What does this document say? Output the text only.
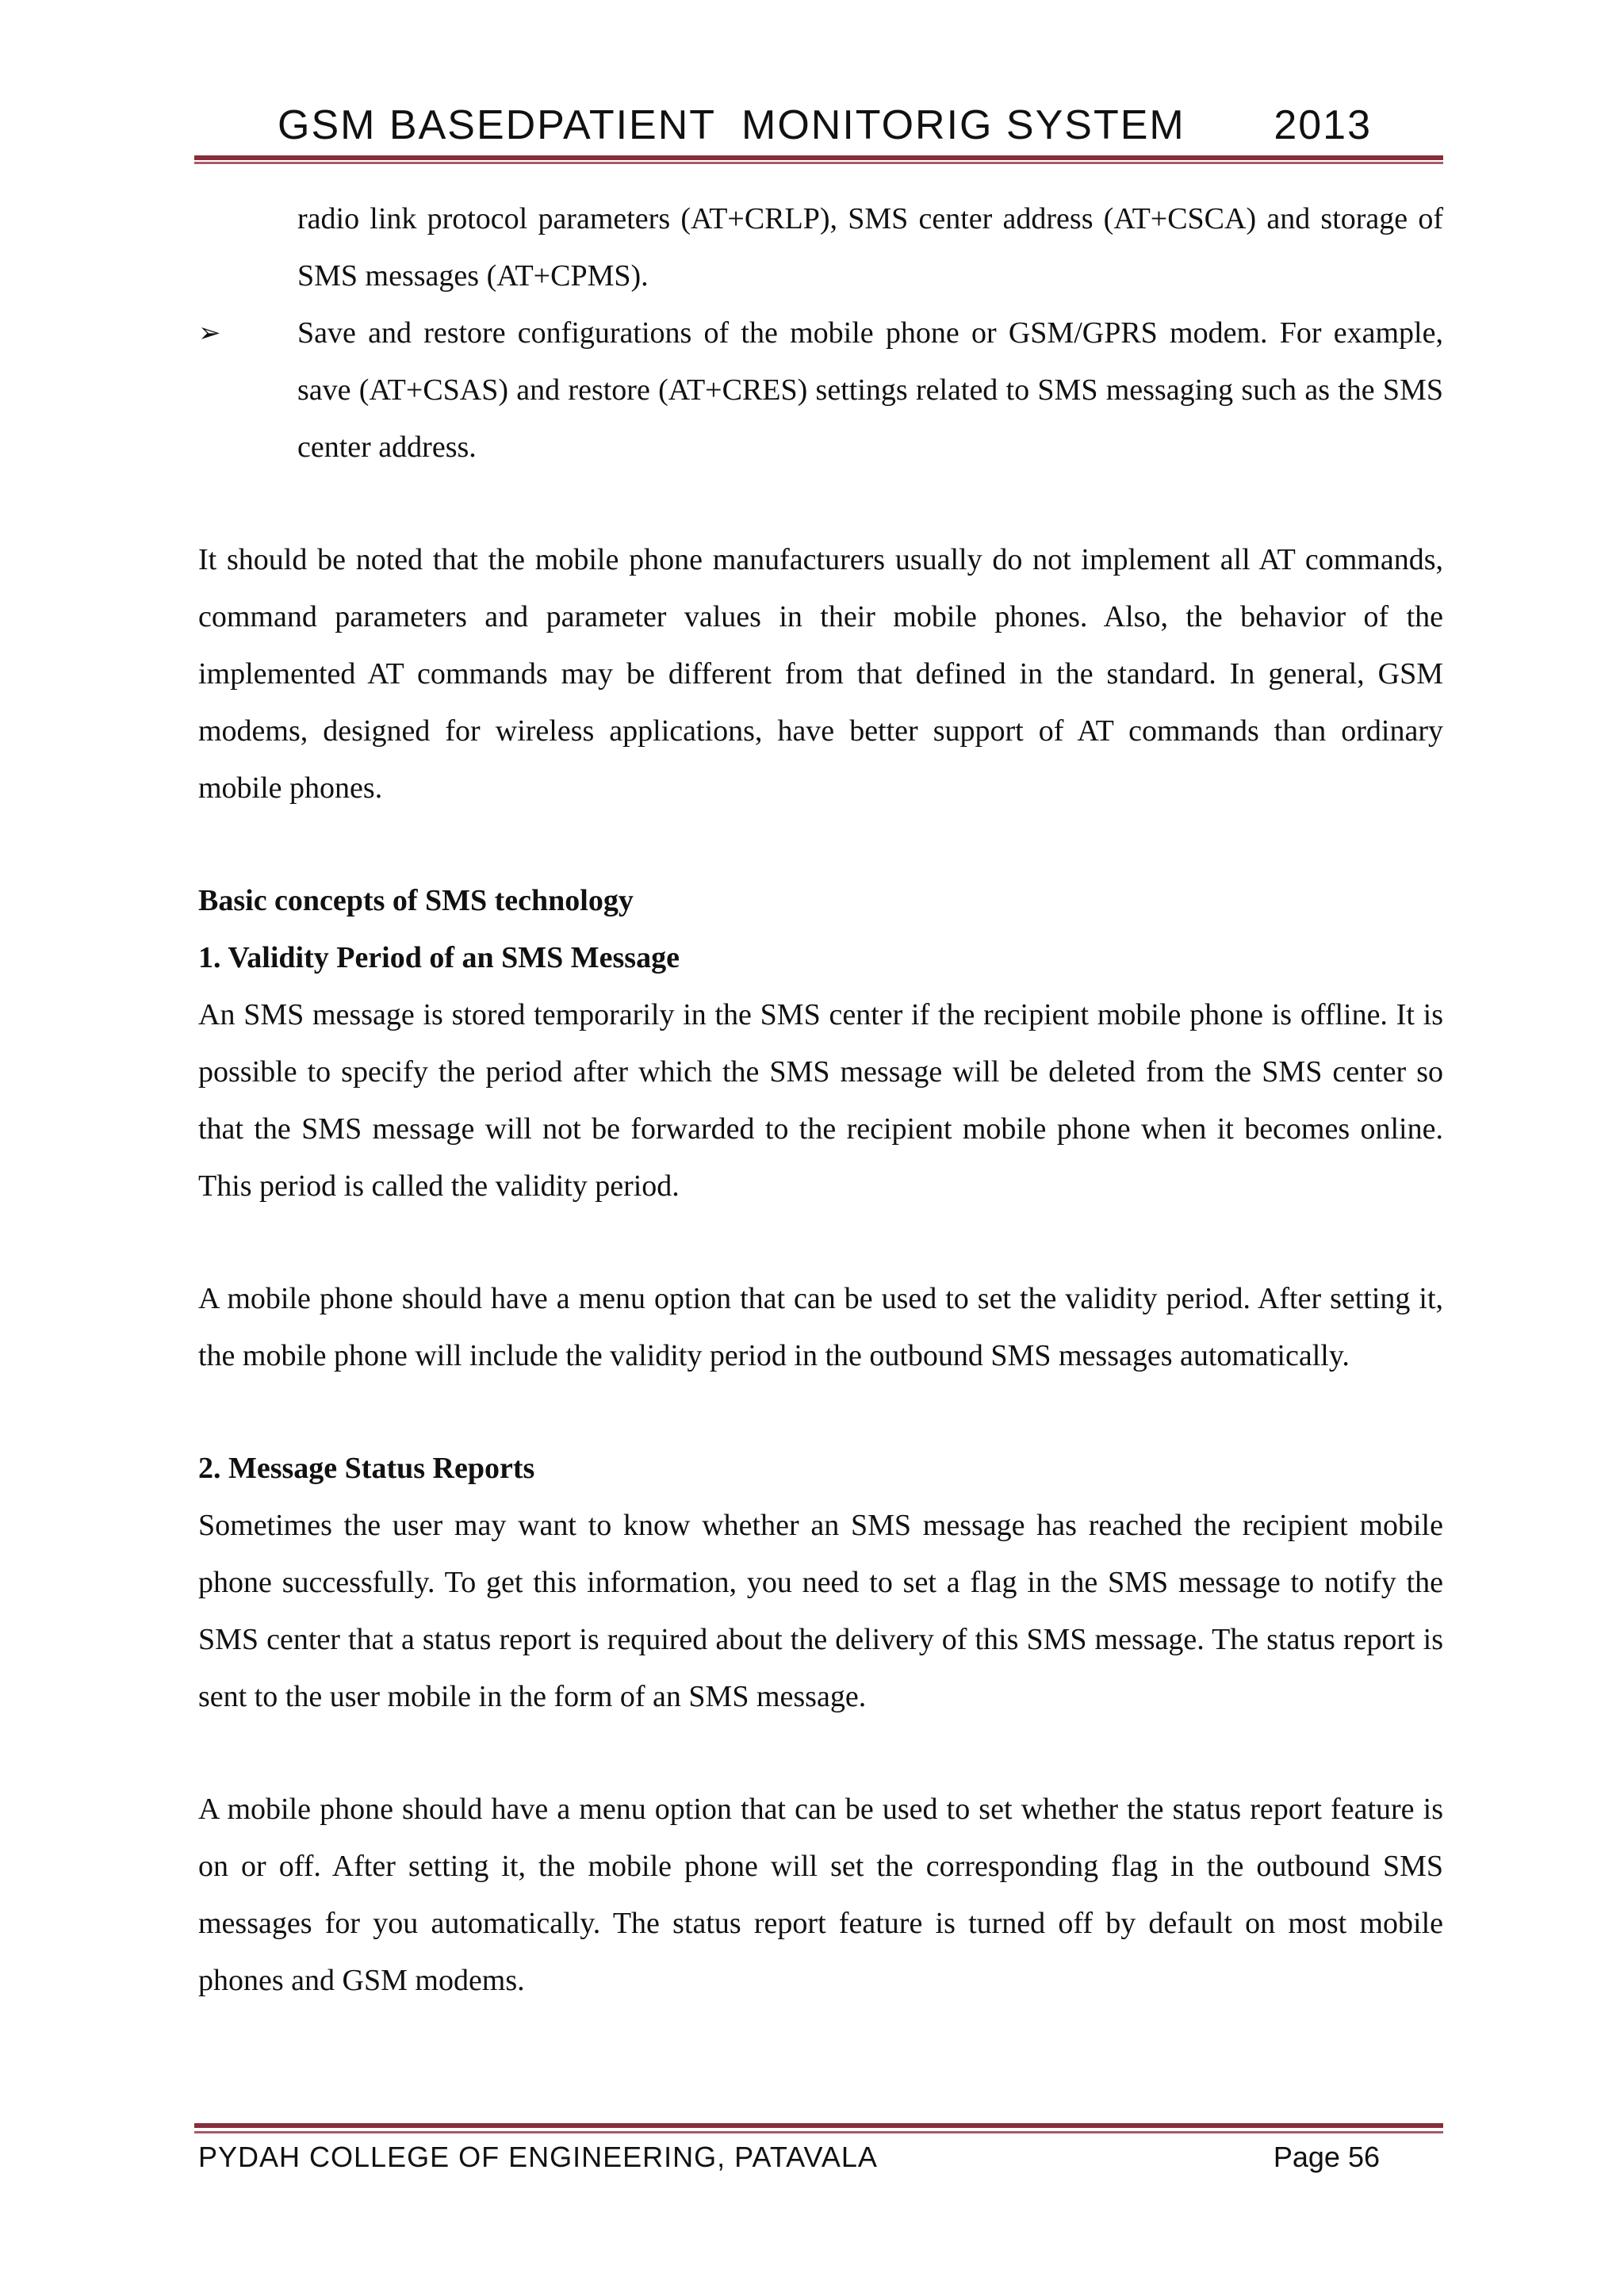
GSM BASEDPATIENT  MONITORIG SYSTEM 2013
radio link protocol parameters (AT+CRLP), SMS center address (AT+CSCA) and storage of SMS messages (AT+CPMS).
➢	Save and restore configurations of the mobile phone or GSM/GPRS modem. For example, save (AT+CSAS) and restore (AT+CRES) settings related to SMS messaging such as the SMS center address.
It should be noted that the mobile phone manufacturers usually do not implement all AT commands, command parameters and parameter values in their mobile phones. Also, the behavior of the implemented AT commands may be different from that defined in the standard. In general, GSM modems, designed for wireless applications, have better support of AT commands than ordinary mobile phones.
Basic concepts of SMS technology
1. Validity Period of an SMS Message
An SMS message is stored temporarily in the SMS center if the recipient mobile phone is offline. It is possible to specify the period after which the SMS message will be deleted from the SMS center so that the SMS message will not be forwarded to the recipient mobile phone when it becomes online. This period is called the validity period.
A mobile phone should have a menu option that can be used to set the validity period. After setting it, the mobile phone will include the validity period in the outbound SMS messages automatically.
2. Message Status Reports
Sometimes the user may want to know whether an SMS message has reached the recipient mobile phone successfully. To get this information, you need to set a flag in the SMS message to notify the SMS center that a status report is required about the delivery of this SMS message. The status report is sent to the user mobile in the form of an SMS message.
A mobile phone should have a menu option that can be used to set whether the status report feature is on or off. After setting it, the mobile phone will set the corresponding flag in the outbound SMS messages for you automatically. The status report feature is turned off by default on most mobile phones and GSM modems.
PYDAH COLLEGE OF ENGINEERING, PATAVALA	Page 56
